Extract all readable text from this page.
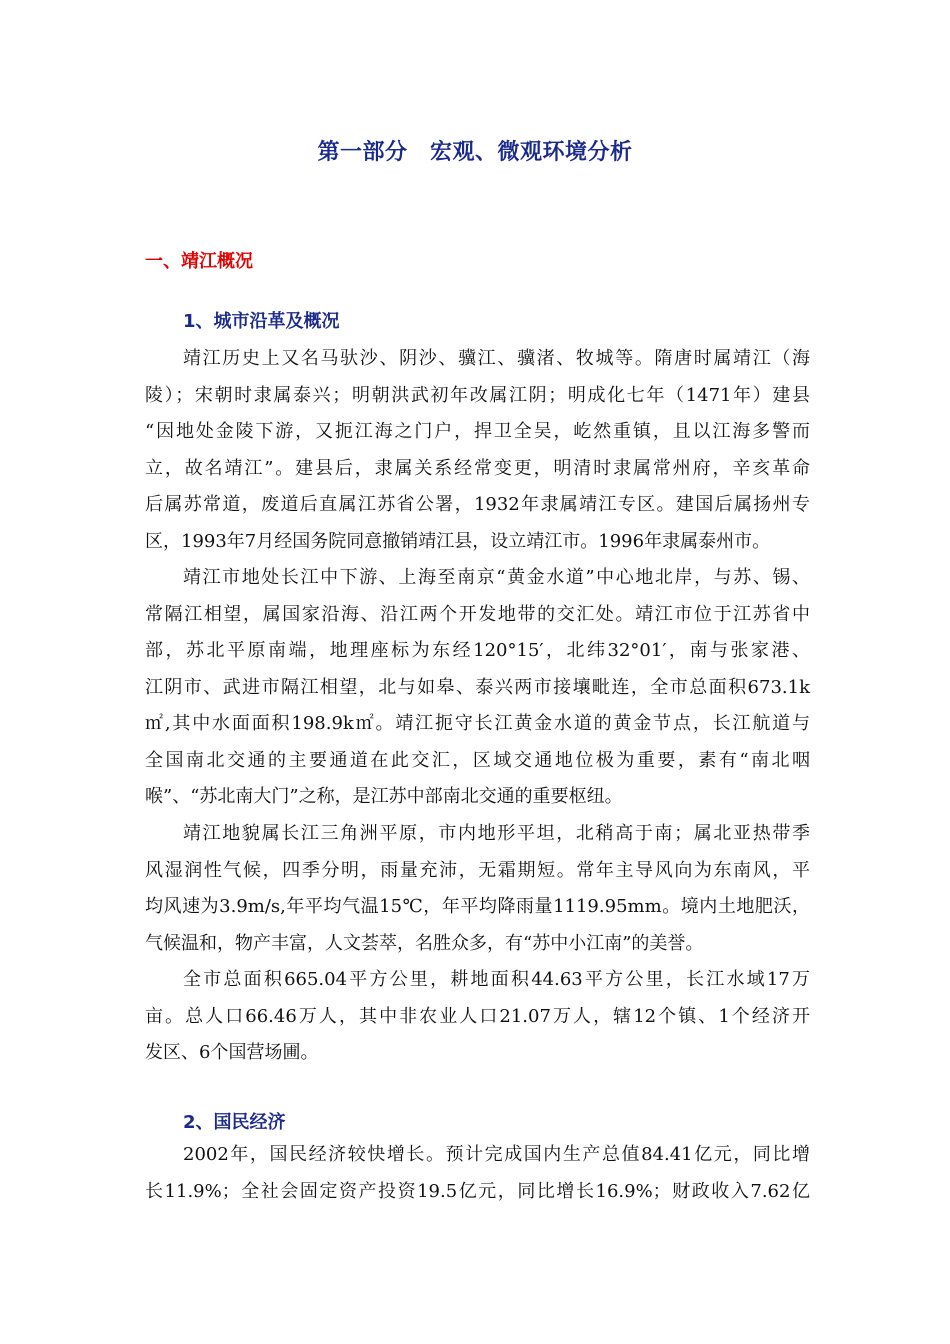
第一部分　宏观、微观环境分析
一、靖江概况
1、城市沿革及概况
靖江历史上又名马驮沙、阴沙、骥江、骥渚、牧城等。隋唐时属靖江（海
陵）；宋朝时隶属泰兴；明朝洪武初年改属江阴；明成化七年（1471年）建县
“因地处金陵下游，又扼江海之门户，捍卫全吴，屹然重镇，且以江海多警而
立，故名靖江”。建县后，隶属关系经常变更，明清时隶属常州府，辛亥革命
后属苏常道，废道后直属江苏省公署，1932年隶属靖江专区。建国后属扬州专
区，1993年7月经国务院同意撤销靖江县，设立靖江市。1996年隶属泰州市。
靖江市地处长江中下游、上海至南京“黄金水道”中心地北岸，与苏、锡、
常隔江相望，属国家沿海、沿江两个开发地带的交汇处。靖江市位于江苏省中
部，苏北平原南端，地理座标为东经120°15′，北纬32°01′，南与张家港、
江阴市、武进市隔江相望，北与如皋、泰兴两市接壤毗连，全市总面积673.1k
㎡,其中水面面积198.9k㎡。靖江扼守长江黄金水道的黄金节点，长江航道与
全国南北交通的主要通道在此交汇，区域交通地位极为重要，素有“南北咽
喉”、“苏北南大门”之称，是江苏中部南北交通的重要枢纽。
靖江地貌属长江三角洲平原，市内地形平坦，北稍高于南；属北亚热带季
风湿润性气候，四季分明，雨量充沛，无霜期短。常年主导风向为东南风，平
均风速为3.9m/s,年平均气温15℃，年平均降雨量1119.95mm。境内土地肥沃，
气候温和，物产丰富，人文荟萃，名胜众多，有“苏中小江南”的美誉。
全市总面积665.04平方公里，耕地面积44.63平方公里，长江水域17万
亩。总人口66.46万人，其中非农业人口21.07万人，辖12个镇、1个经济开
发区、6个国营场圃。
2、国民经济
2002年，国民经济较快增长。预计完成国内生产总值84.41亿元，同比增
长11.9%；全社会固定资产投资19.5亿元，同比增长16.9%；财政收入7.62亿
